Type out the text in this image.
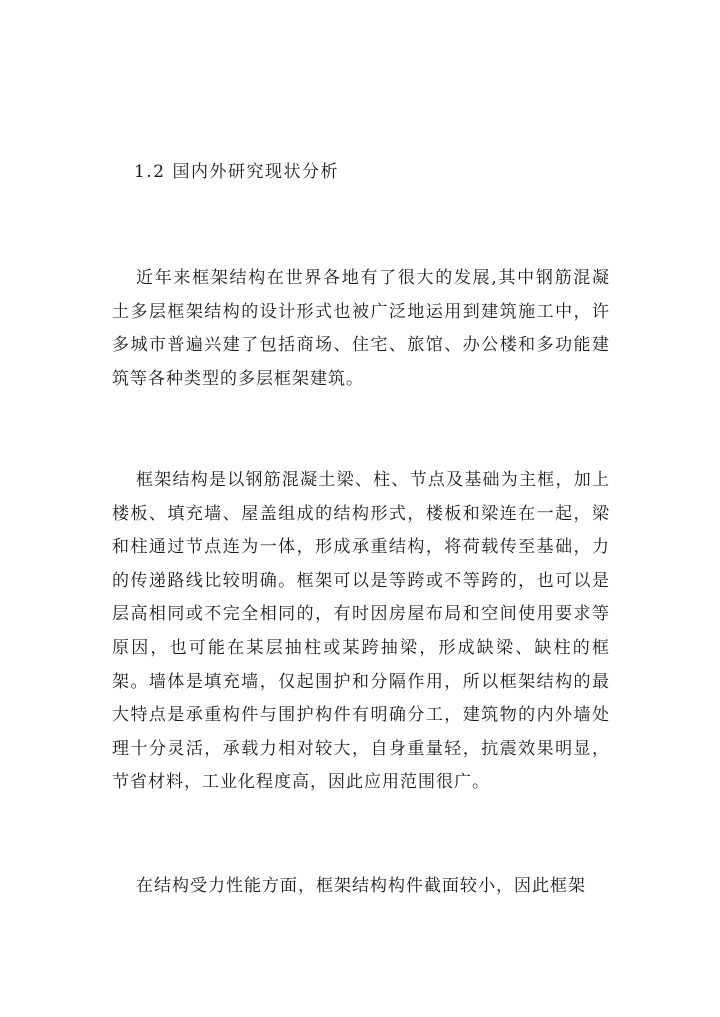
1.2 国内外研究现状分析

近年来框架结构在世界各地有了很大的发展,其中钢筋混凝土多层框架结构的设计形式也被广泛地运用到建筑施工中，许多城市普遍兴建了包括商场、住宅、旅馆、办公楼和多功能建筑等各种类型的多层框架建筑。

框架结构是以钢筋混凝土梁、柱、节点及基础为主框，加上楼板、填充墙、屋盖组成的结构形式，楼板和梁连在一起，梁和柱通过节点连为一体，形成承重结构，将荷载传至基础，力的传递路线比较明确。框架可以是等跨或不等跨的，也可以是层高相同或不完全相同的，有时因房屋布局和空间使用要求等原因，也可能在某层抽柱或某跨抽梁，形成缺梁、缺柱的框架。墙体是填充墙，仅起围护和分隔作用，所以框架结构的最大特点是承重构件与围护构件有明确分工，建筑物的内外墙处理十分灵活，承载力相对较大，自身重量轻，抗震效果明显，节省材料，工业化程度高，因此应用范围很广。

在结构受力性能方面，框架结构构件截面较小，因此框架
